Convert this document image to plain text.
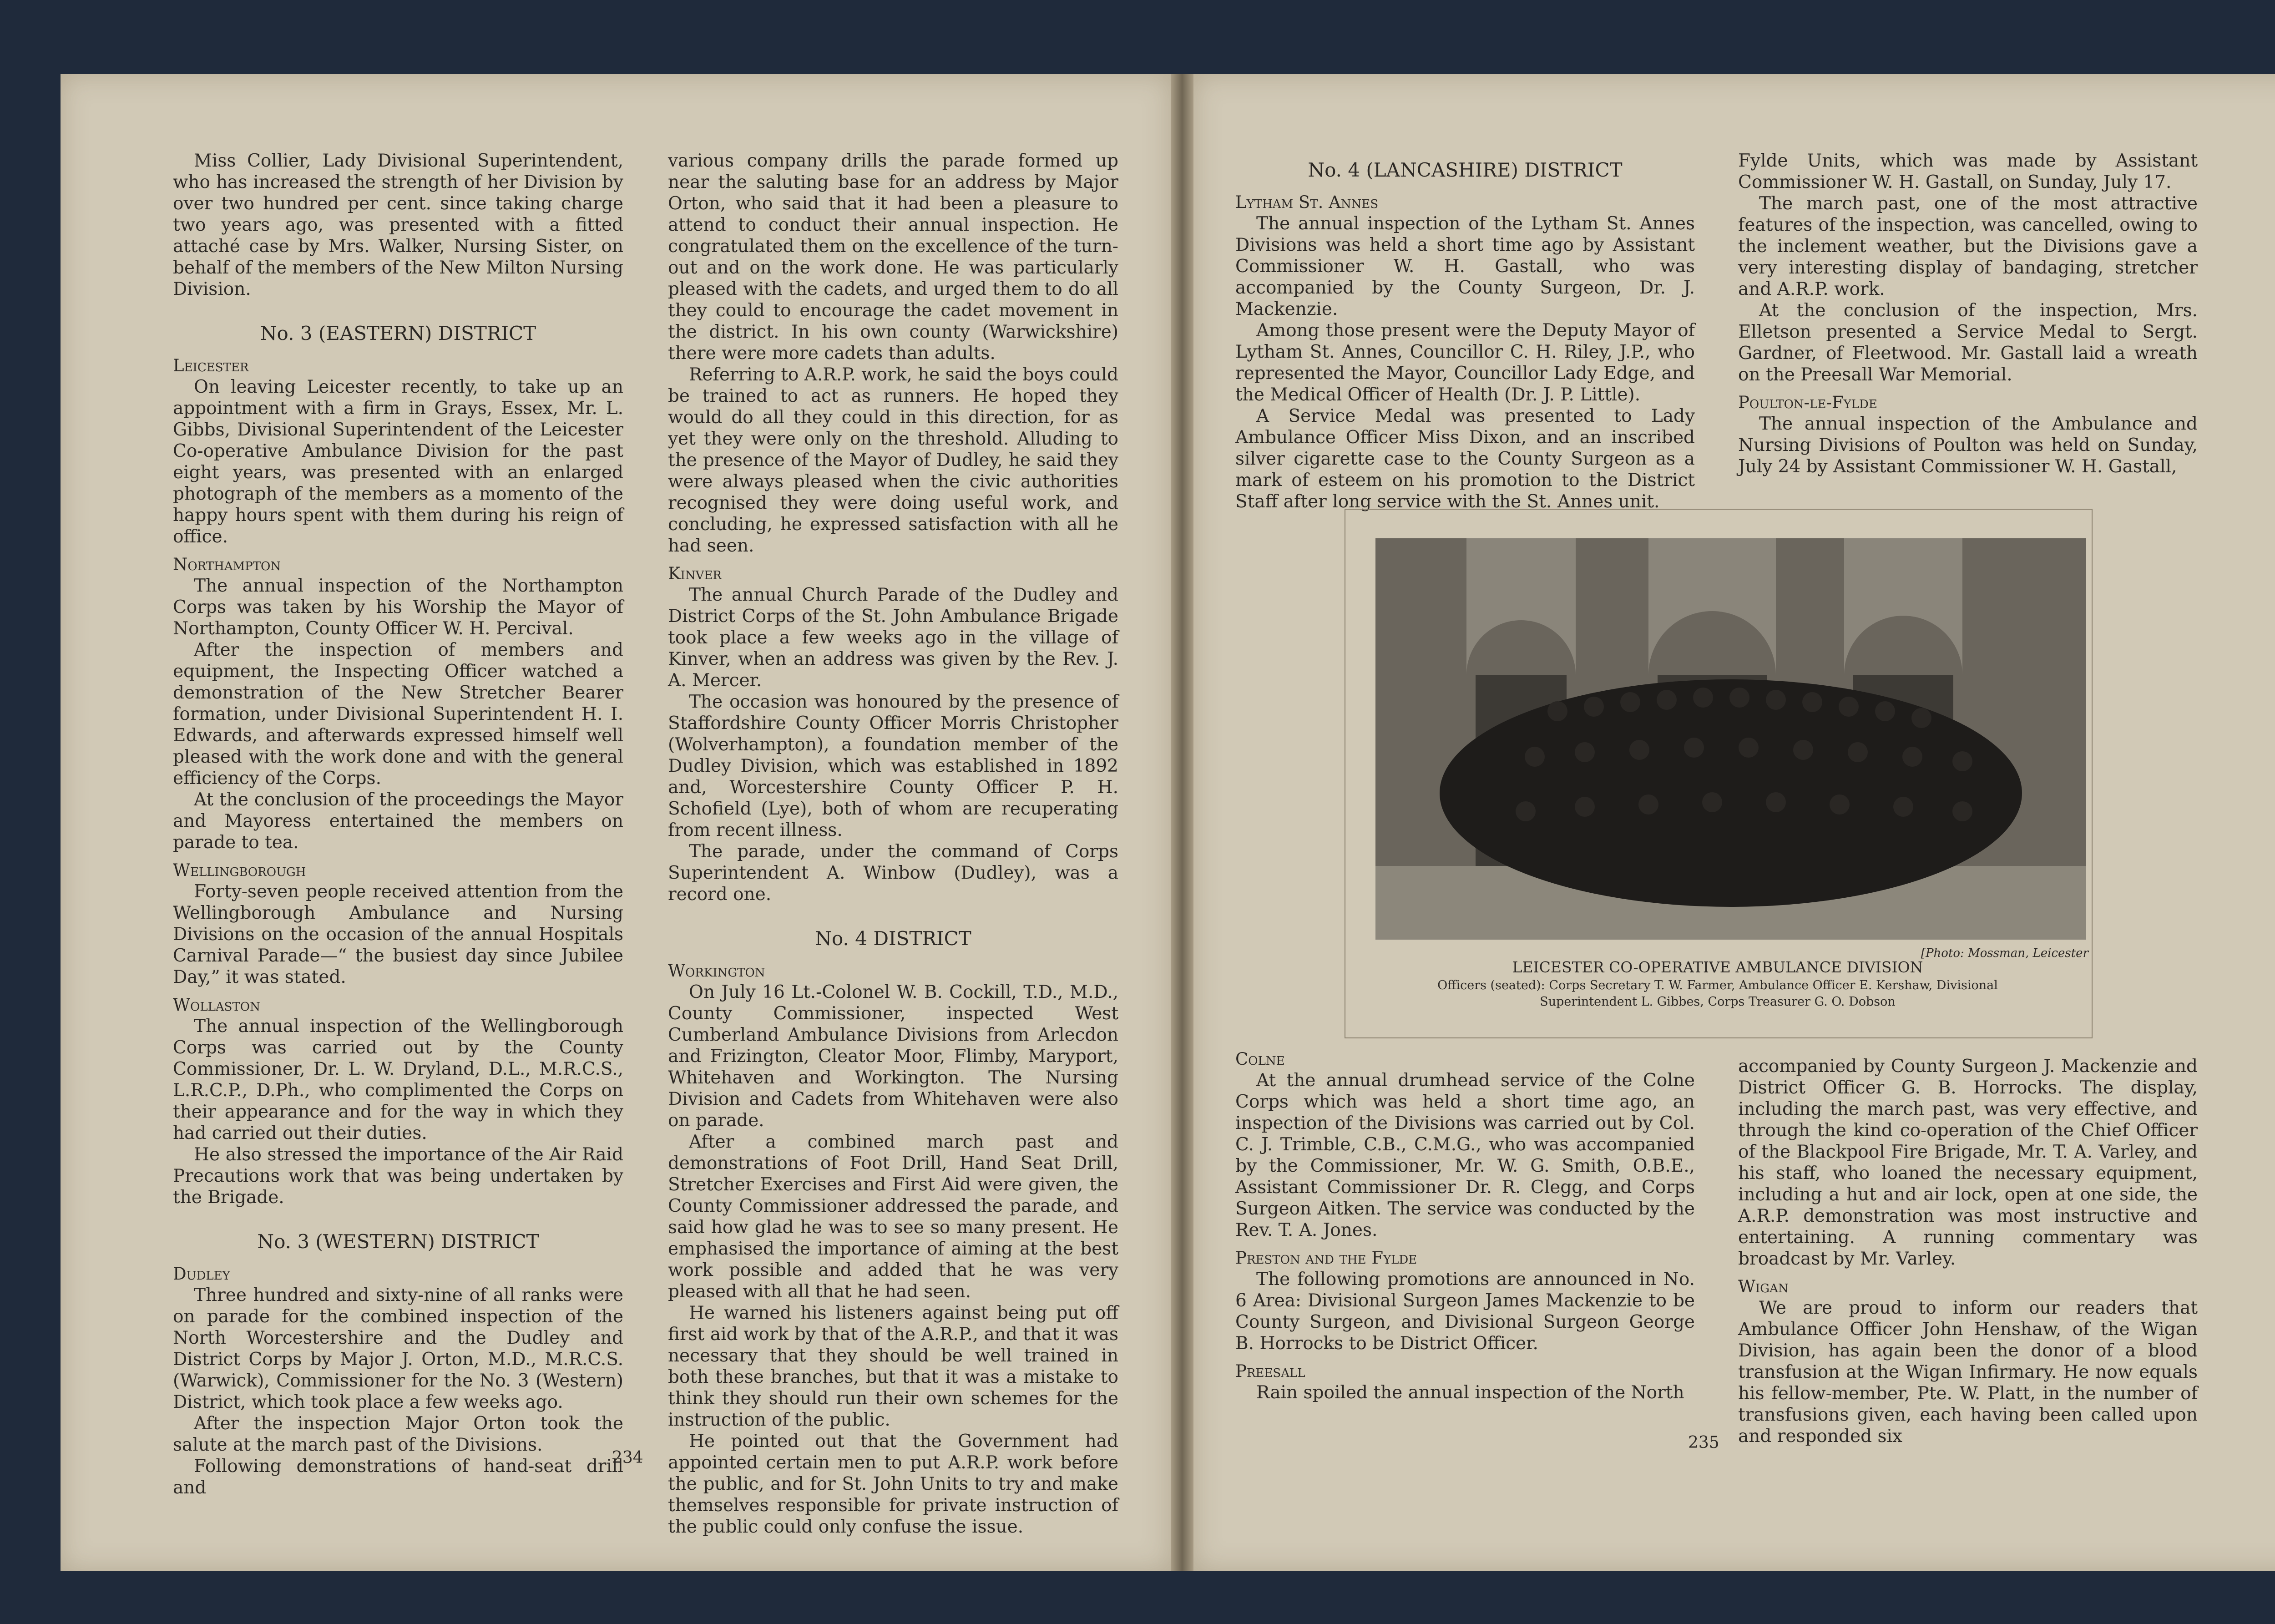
Miss Collier, Lady Divisional Superintendent, who has increased the strength of her Division by over two hundred per cent. since taking charge two years ago, was presented with a fitted attaché case by Mrs. Walker, Nursing Sister, on behalf of the members of the New Milton Nursing Division.

No. 3 (EASTERN) DISTRICT

Leicester

On leaving Leicester recently, to take up an appointment with a firm in Grays, Essex, Mr. L. Gibbs, Divisional Superintendent of the Leicester Co-operative Ambulance Division for the past eight years, was presented with an enlarged photograph of the members as a momento of the happy hours spent with them during his reign of office.

Northampton

The annual inspection of the Northampton Corps was taken by his Worship the Mayor of Northampton, County Officer W. H. Percival.

After the inspection of members and equipment, the Inspecting Officer watched a demonstration of the New Stretcher Bearer formation, under Divisional Superintendent H. I. Edwards, and afterwards expressed himself well pleased with the work done and with the general efficiency of the Corps.

At the conclusion of the proceedings the Mayor and Mayoress entertained the members on parade to tea.

Wellingborough

Forty-seven people received attention from the Wellingborough Ambulance and Nursing Divisions on the occasion of the annual Hospitals Carnival Parade—“ the busiest day since Jubilee Day,” it was stated.

Wollaston

The annual inspection of the Wellingborough Corps was carried out by the County Commissioner, Dr. L. W. Dryland, D.L., M.R.C.S., L.R.C.P., D.Ph., who complimented the Corps on their appearance and for the way in which they had carried out their duties.

He also stressed the importance of the Air Raid Precautions work that was being undertaken by the Brigade.

No. 3 (WESTERN) DISTRICT

Dudley

Three hundred and sixty-nine of all ranks were on parade for the combined inspection of the North Worcestershire and the Dudley and District Corps by Major J. Orton, M.D., M.R.C.S. (Warwick), Commissioner for the No. 3 (Western) District, which took place a few weeks ago.

After the inspection Major Orton took the salute at the march past of the Divisions.

Following demonstrations of hand-seat drill and

various company drills the parade formed up near the saluting base for an address by Major Orton, who said that it had been a pleasure to attend to conduct their annual inspection. He congratulated them on the excellence of the turn-out and on the work done. He was particularly pleased with the cadets, and urged them to do all they could to encourage the cadet movement in the district. In his own county (Warwickshire) there were more cadets than adults.

Referring to A.R.P. work, he said the boys could be trained to act as runners. He hoped they would do all they could in this direction, for as yet they were only on the threshold. Alluding to the presence of the Mayor of Dudley, he said they were always pleased when the civic authorities recognised they were doing useful work, and concluding, he expressed satisfaction with all he had seen.

Kinver

The annual Church Parade of the Dudley and District Corps of the St. John Ambulance Brigade took place a few weeks ago in the village of Kinver, when an address was given by the Rev. J. A. Mercer.

The occasion was honoured by the presence of Staffordshire County Officer Morris Christopher (Wolverhampton), a foundation member of the Dudley Division, which was established in 1892 and, Worcestershire County Officer P. H. Schofield (Lye), both of whom are recuperating from recent illness.

The parade, under the command of Corps Superintendent A. Winbow (Dudley), was a record one.

No. 4 DISTRICT

Workington

On July 16 Lt.-Colonel W. B. Cockill, T.D., M.D., County Commissioner, inspected West Cumberland Ambulance Divisions from Arlecdon and Frizington, Cleator Moor, Flimby, Maryport, Whitehaven and Workington. The Nursing Division and Cadets from Whitehaven were also on parade.

After a combined march past and demonstrations of Foot Drill, Hand Seat Drill, Stretcher Exercises and First Aid were given, the County Commissioner addressed the parade, and said how glad he was to see so many present. He emphasised the importance of aiming at the best work possible and added that he was very pleased with all that he had seen.

He warned his listeners against being put off first aid work by that of the A.R.P., and that it was necessary that they should be well trained in both these branches, but that it was a mistake to think they should run their own schemes for the instruction of the public.

He pointed out that the Government had appointed certain men to put A.R.P. work before the public, and for St. John Units to try and make themselves responsible for private instruction of the public could only confuse the issue.

234

No. 4 (LANCASHIRE) DISTRICT

Lytham St. Annes

The annual inspection of the Lytham St. Annes Divisions was held a short time ago by Assistant Commissioner W. H. Gastall, who was accompanied by the County Surgeon, Dr. J. Mackenzie.

Among those present were the Deputy Mayor of Lytham St. Annes, Councillor C. H. Riley, J.P., who represented the Mayor, Councillor Lady Edge, and the Medical Officer of Health (Dr. J. P. Little).

A Service Medal was presented to Lady Ambulance Officer Miss Dixon, and an inscribed silver cigarette case to the County Surgeon as a mark of esteem on his promotion to the District Staff after long service with the St. Annes unit.

Fylde Units, which was made by Assistant Commissioner W. H. Gastall, on Sunday, July 17.

The march past, one of the most attractive features of the inspection, was cancelled, owing to the inclement weather, but the Divisions gave a very interesting display of bandaging, stretcher and A.R.P. work.

At the conclusion of the inspection, Mrs. Elletson presented a Service Medal to Sergt. Gardner, of Fleetwood. Mr. Gastall laid a wreath on the Preesall War Memorial.

Poulton-le-Fylde

The annual inspection of the Ambulance and Nursing Divisions of Poulton was held on Sunday, July 24 by Assistant Commissioner W. H. Gastall,

[Photo: Mossman, Leicester
LEICESTER CO-OPERATIVE AMBULANCE DIVISION
Officers (seated): Corps Secretary T. W. Farmer, Ambulance Officer E. Kershaw, Divisional
Superintendent L. Gibbes, Corps Treasurer G. O. Dobson

Colne

At the annual drumhead service of the Colne Corps which was held a short time ago, an inspection of the Divisions was carried out by Col. C. J. Trimble, C.B., C.M.G., who was accompanied by the Commissioner, Mr. W. G. Smith, O.B.E., Assistant Commissioner Dr. R. Clegg, and Corps Surgeon Aitken. The service was conducted by the Rev. T. A. Jones.

Preston and the Fylde

The following promotions are announced in No. 6 Area: Divisional Surgeon James Mackenzie to be County Surgeon, and Divisional Surgeon George B. Horrocks to be District Officer.

Preesall

Rain spoiled the annual inspection of the North

accompanied by County Surgeon J. Mackenzie and District Officer G. B. Horrocks. The display, including the march past, was very effective, and through the kind co-operation of the Chief Officer of the Blackpool Fire Brigade, Mr. T. A. Varley, and his staff, who loaned the necessary equipment, including a hut and air lock, open at one side, the A.R.P. demonstration was most instructive and entertaining. A running commentary was broadcast by Mr. Varley.

Wigan

We are proud to inform our readers that Ambulance Officer John Henshaw, of the Wigan Division, has again been the donor of a blood transfusion at the Wigan Infirmary. He now equals his fellow-member, Pte. W. Platt, in the number of transfusions given, each having been called upon and responded six

235
